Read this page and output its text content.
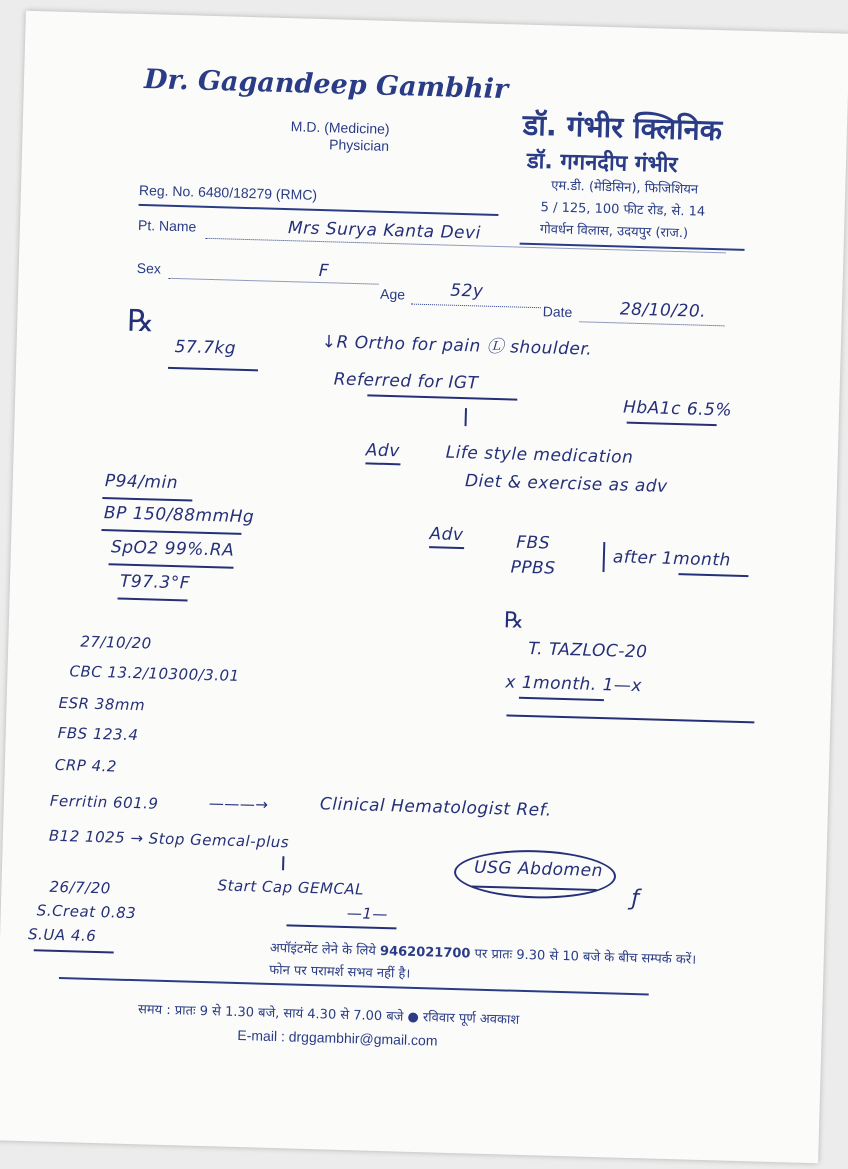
Dr. Gagandeep Gambhir
M.D. (Medicine)
Physician	डॉ. गंभीर क्लिनिक
डॉ. गगनदीप गंभीर
एम.डी. (मेडिसिन), फिजिशियन
5 / 125, 100 फीट रोड, से. 14
गोवर्धन विलास, उदयपुर (राज.)
Reg. No. 6480/18279 (RMC)
Pt. Name	Mrs Surya Kanta Devi
Sex	F
Age	52y
Date	28/10/20.
℞
57.7kg	↓R Ortho for pain Ⓛ shoulder.
Referred for IGT
HbA1c 6.5%
Adv	Life style medication
Diet & exercise as adv
P94/min
BP 150/88mmHg
SpO2 99%.RA
T97.3°F
Adv	FBS
PPBS	after 1month
℞
T. TAZLOC-20
x 1month. 1—x
27/10/20
CBC 13.2/10300/3.01
ESR 38mm
FBS 123.4
CRP 4.2
Ferritin 601.9	———→	Clinical Hematologist Ref.
B12 1025 → Stop Gemcal-plus
USG Abdomen
Start Cap GEMCAL
—1—
ƒ
26/7/20
S.Creat 0.83
S.UA 4.6
अपॉइंटमेंट लेने के लिये 9462021700 पर प्रातः 9.30 से 10 बजे के बीच सम्पर्क करें।
फोन पर परामर्श सभव नहीं है।
समय : प्रातः 9 से 1.30 बजे, सायं 4.30 से 7.00 बजे ● रविवार पूर्ण अवकाश
E-mail : drggambhir@gmail.com
